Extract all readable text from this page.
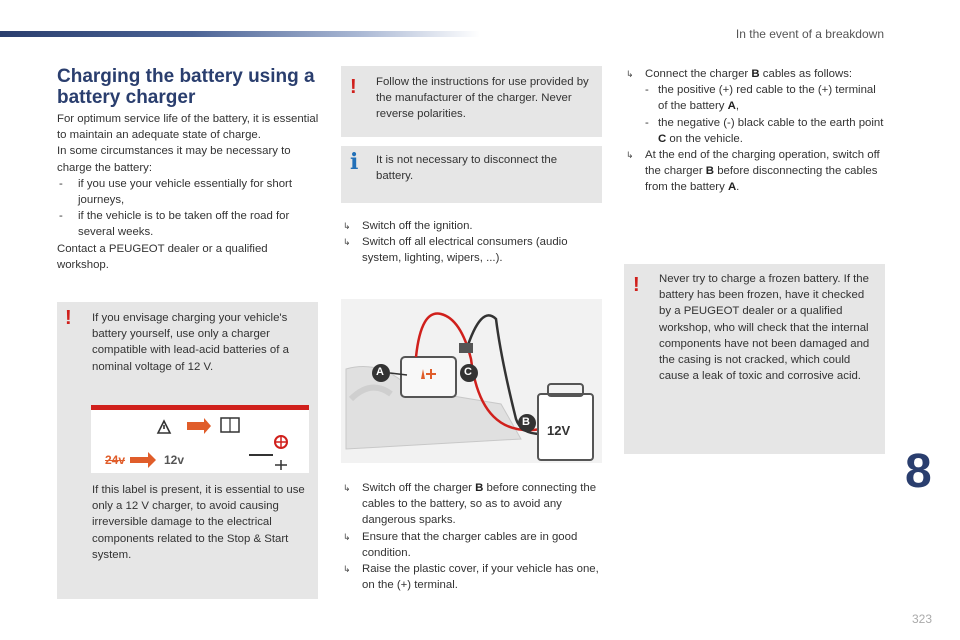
In the event of a breakdown
Charging the battery using a battery charger

For optimum service life of the battery, it is essential to maintain an adequate state of charge.

In some circumstances it may be necessary to charge the battery:

- if you use your vehicle essentially for short journeys,

- if the vehicle is to be taken off the road for several weeks.

Contact a PEUGEOT dealer or a qualified workshop.

! If you envisage charging your vehicle's battery yourself, use only a charger compatible with lead-acid batteries of a nominal voltage of 12 V.

24v	12v

If this label is present, it is essential to use only a 12 V charger, to avoid causing irreversible damage to the electrical components related to the Stop & Start system.

! Follow the instructions for use provided by the manufacturer of the charger. Never reverse polarities.

i It is not necessary to disconnect the battery.

↳ Switch off the ignition.

↳ Switch off all electrical consumers (audio system, lighting, wipers, ...).

A	C
B
12V

↳ Switch off the charger B before connecting the cables to the battery, so as to avoid any dangerous sparks.

↳ Ensure that the charger cables are in good condition.

↳ Raise the plastic cover, if your vehicle has one, on the (+) terminal.

↳ Connect the charger B cables as follows:

- the positive (+) red cable to the (+) terminal of the battery A,

- the negative (-) black cable to the earth point C on the vehicle.

↳ At the end of the charging operation, switch off the charger B before disconnecting the cables from the battery A.

! Never try to charge a frozen battery. If the battery has been frozen, have it checked by a PEUGEOT dealer or a qualified workshop, who will check that the internal components have not been damaged and the casing is not cracked, which could cause a leak of toxic and corrosive acid.

8
323
